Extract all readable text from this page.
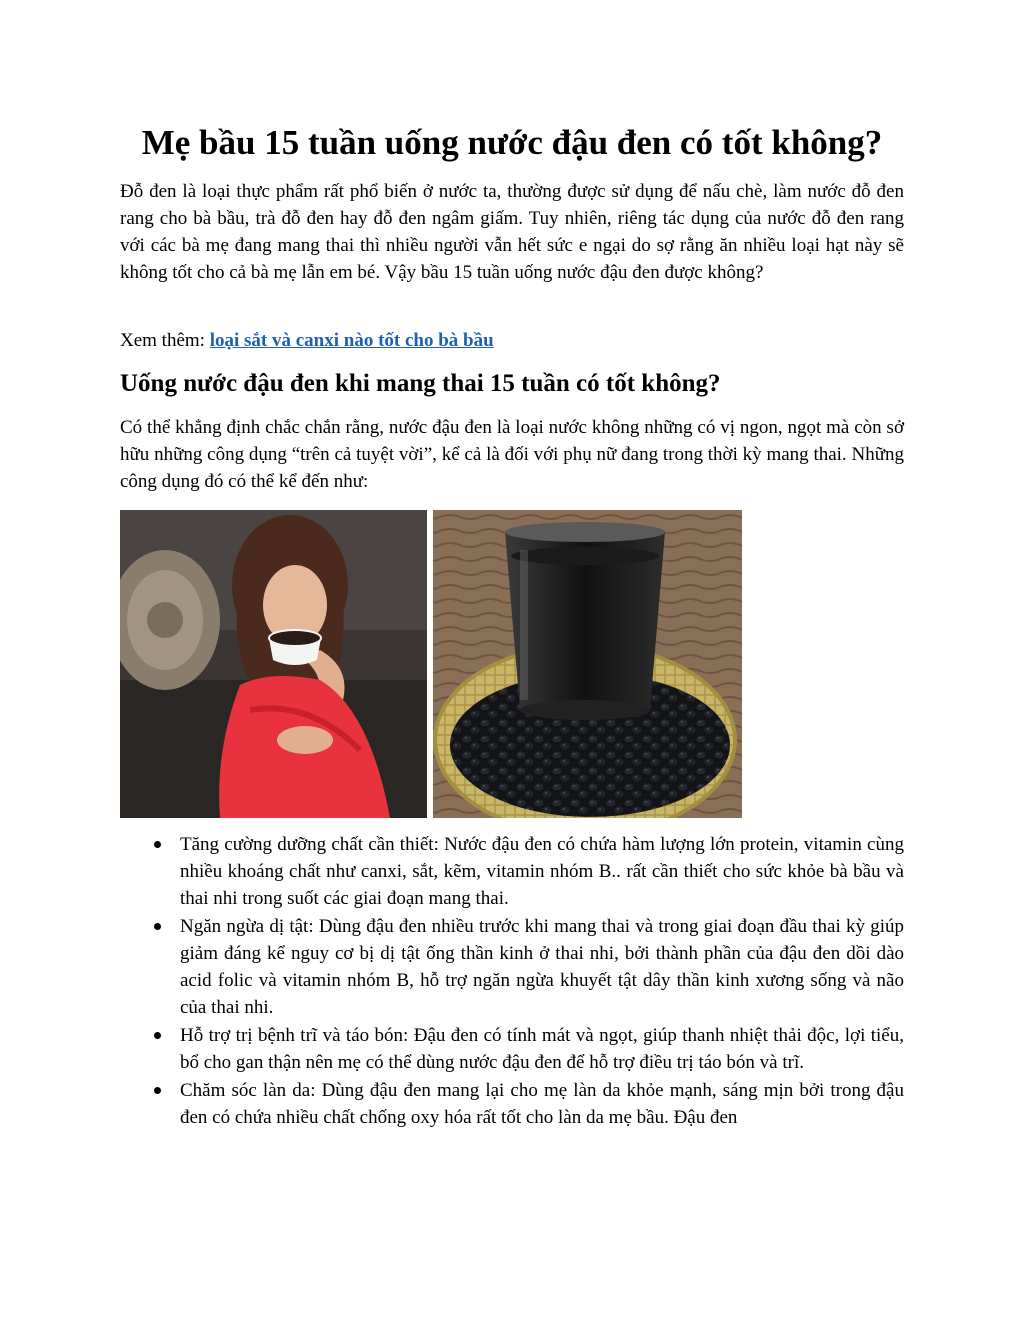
Mẹ bầu 15 tuần uống nước đậu đen có tốt không?

Đỗ đen là loại thực phẩm rất phổ biến ở nước ta, thường được sử dụng để nấu chè, làm nước đỗ đen rang cho bà bầu, trà đỗ đen hay đỗ đen ngâm giấm. Tuy nhiên, riêng tác dụng của nước đỗ đen rang với các bà mẹ đang mang thai thì nhiều người vẫn hết sức e ngại do sợ rằng ăn nhiều loại hạt này sẽ không tốt cho cả bà mẹ lẫn em bé. Vậy bầu 15 tuần uống nước đậu đen được không?

Xem thêm: loại sắt và canxi nào tốt cho bà bầu
Uống nước đậu đen khi mang thai 15 tuần có tốt không?

Có thể khẳng định chắc chắn rằng, nước đậu đen là loại nước không những có vị ngon, ngọt mà còn sở hữu những công dụng “trên cả tuyệt vời”, kể cả là đối với phụ nữ đang trong thời kỳ mang thai. Những công dụng đó có thể kể đến như:

Tăng cường dưỡng chất cần thiết: Nước đậu đen có chứa hàm lượng lớn protein, vitamin cùng nhiều khoáng chất như canxi, sắt, kẽm, vitamin nhóm B.. rất cần thiết cho sức khỏe bà bầu và thai nhi trong suốt các giai đoạn mang thai.

Ngăn ngừa dị tật: Dùng đậu đen nhiều trước khi mang thai và trong giai đoạn đầu thai kỳ giúp giảm đáng kể nguy cơ bị dị tật ống thần kinh ở thai nhi, bởi thành phần của đậu đen dồi dào acid folic và vitamin nhóm B, hỗ trợ ngăn ngừa khuyết tật dây thần kinh xương sống và não của thai nhi.

Hỗ trợ trị bệnh trĩ và táo bón: Đậu đen có tính mát và ngọt, giúp thanh nhiệt thải độc, lợi tiểu, bổ cho gan thận nên mẹ có thể dùng nước đậu đen để hỗ trợ điều trị táo bón và trĩ.

Chăm sóc làn da: Dùng đậu đen mang lại cho mẹ làn da khỏe mạnh, sáng mịn bởi trong đậu đen có chứa nhiều chất chống oxy hóa rất tốt cho làn da mẹ bầu. Đậu đen
